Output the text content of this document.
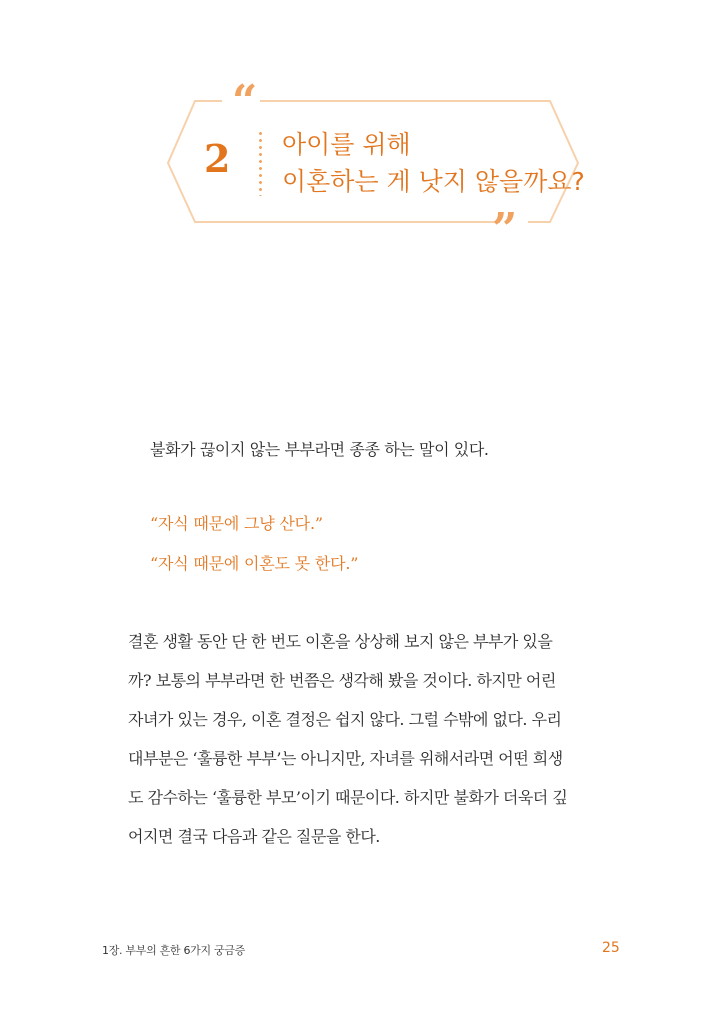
“
”
2 아이를 위해
이혼하는 게 낫지 않을까요?
불화가 끊이지 않는 부부라면 종종 하는 말이 있다.
“자식 때문에 그냥 산다.”
“자식 때문에 이혼도 못 한다.”
결혼 생활 동안 단 한 번도 이혼을 상상해 보지 않은 부부가 있을
까? 보통의 부부라면 한 번쯤은 생각해 봤을 것이다. 하지만 어린
자녀가 있는 경우, 이혼 결정은 쉽지 않다. 그럴 수밖에 없다. 우리
대부분은 ‘훌륭한 부부’는 아니지만, 자녀를 위해서라면 어떤 희생
도 감수하는 ‘훌륭한 부모’이기 때문이다. 하지만 불화가 더욱더 깊
어지면 결국 다음과 같은 질문을 한다.
1장. 부부의 흔한 6가지 궁금증	25
